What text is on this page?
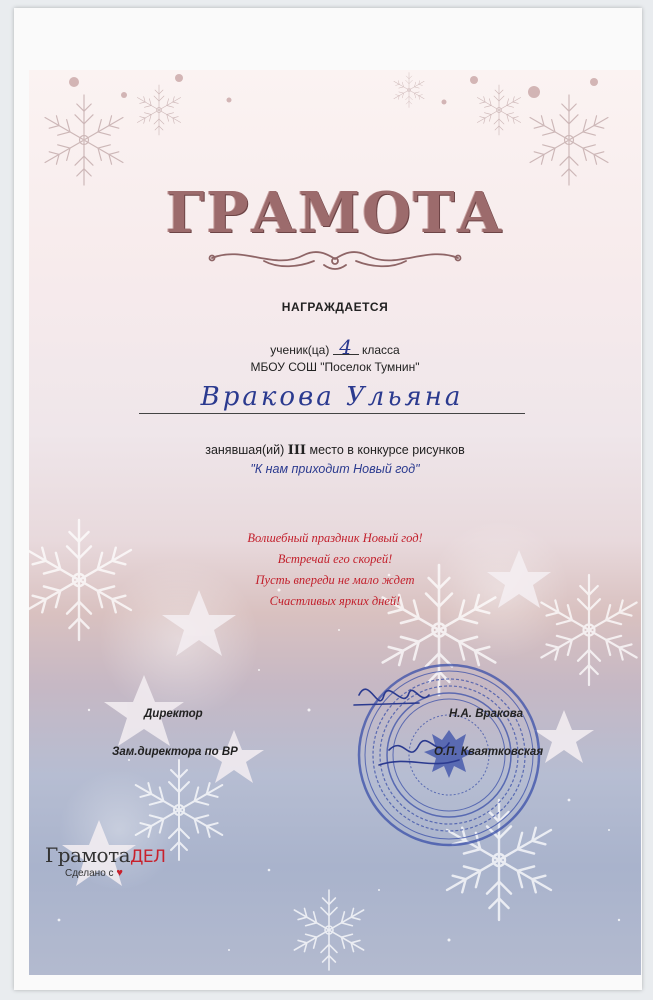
ГРАМОТА
НАГРАЖДАЕТСЯ
ученик(ца) 4 класса
МБОУ СОШ "Поселок Тумнин"
Вракова Ульяна
занявшая(ий) III место в конкурсе рисунков
"К нам приходит Новый год"
Волшебный праздник Новый год!
Встречай его скорей!
Пусть впереди не мало ждет
Счастливых ярких дней!
Директор	Н.А. Вракова
Зам.директора по ВР	О.П. Кваятковская
ГрамотаДЕЛ
Сделано с ♥
